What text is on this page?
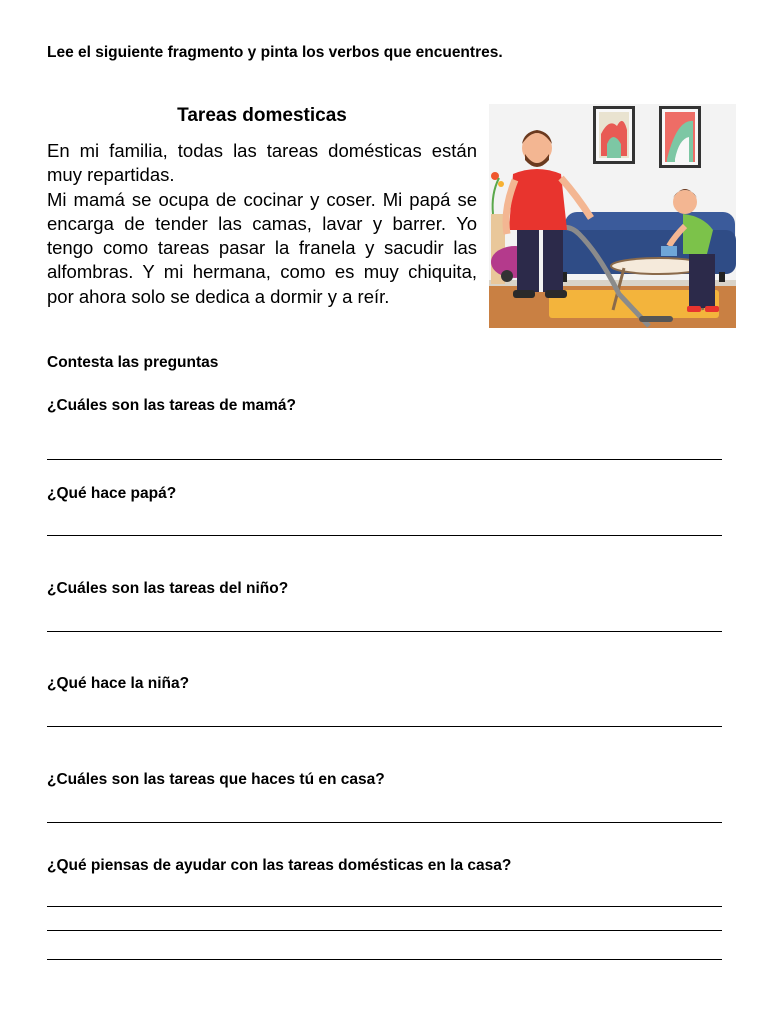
Lee el siguiente fragmento y pinta los verbos que encuentres.
Tareas domesticas

En mi familia, todas las tareas domésticas están muy repartidas.

Mi mamá se ocupa de cocinar y coser. Mi papá se encarga de tender las camas, lavar y barrer. Yo tengo como tareas pasar la franela y sacudir las alfombras. Y mi hermana, como es muy chiquita, por ahora solo se dedica a dormir y a reír.

Contesta las preguntas
¿Cuáles son las tareas de mamá?
¿Qué hace papá?
¿Cuáles son las tareas del niño?
¿Qué hace la niña?
¿Cuáles son las tareas que haces tú en casa?
¿Qué piensas de ayudar con las tareas domésticas en la casa?
